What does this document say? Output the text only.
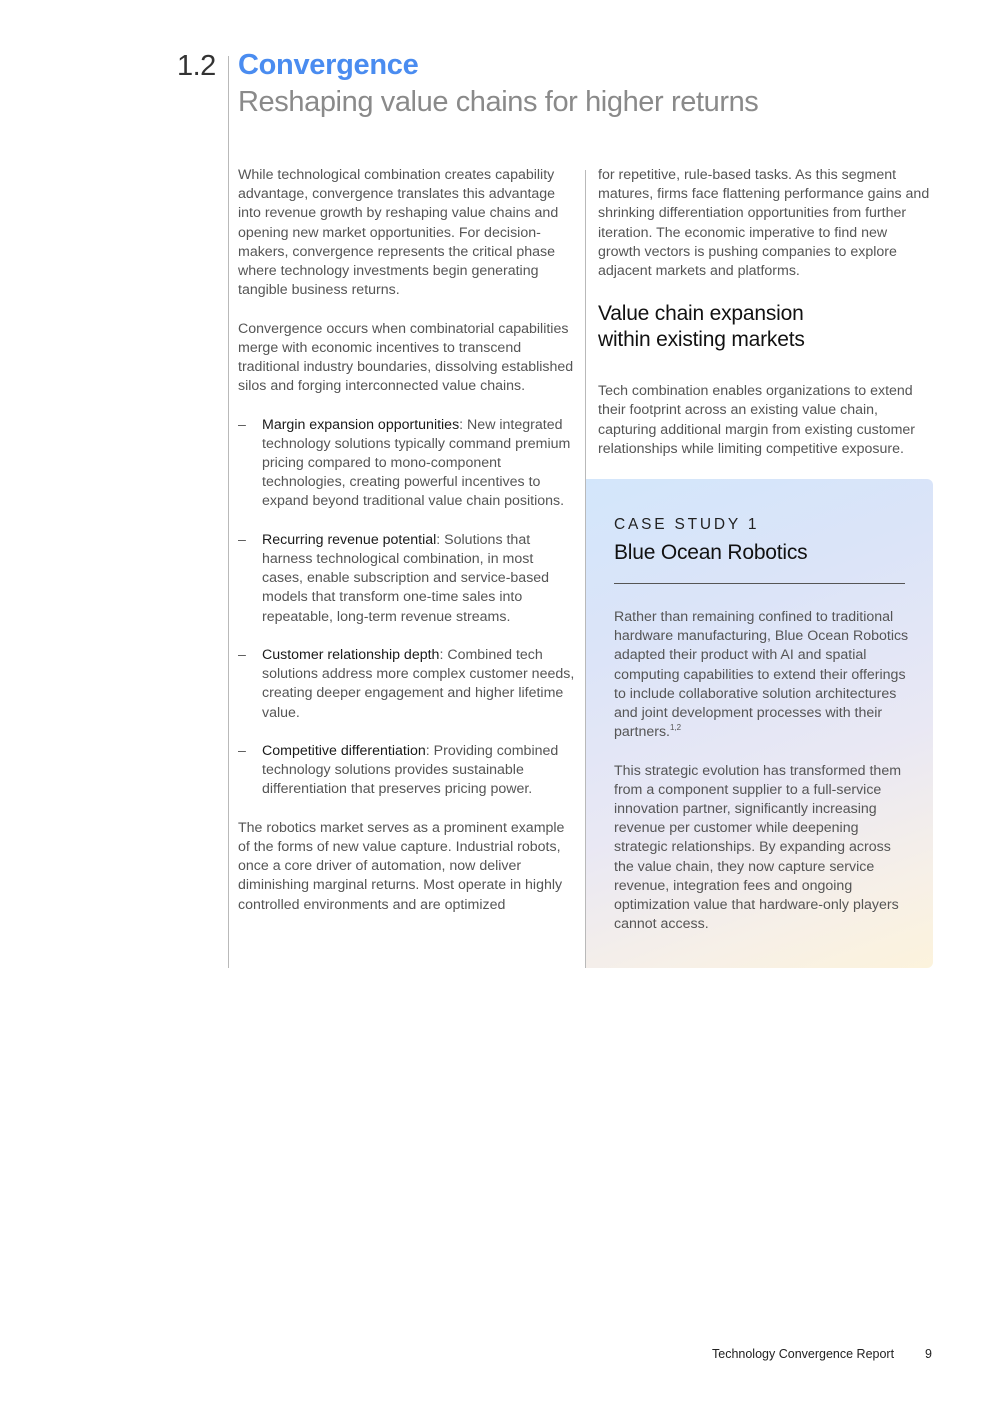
1.2 Convergence
Reshaping value chains for higher returns

While technological combination creates capability advantage, convergence translates this advantage into revenue growth by reshaping value chains and opening new market opportunities. For decision-makers, convergence represents the critical phase where technology investments begin generating tangible business returns.

Convergence occurs when combinatorial capabilities merge with economic incentives to transcend traditional industry boundaries, dissolving established silos and forging interconnected value chains.

– Margin expansion opportunities: New integrated technology solutions typically command premium pricing compared to mono-component technologies, creating powerful incentives to expand beyond traditional value chain positions.
– Recurring revenue potential: Solutions that harness technological combination, in most cases, enable subscription and service-based models that transform one-time sales into repeatable, long-term revenue streams.
– Customer relationship depth: Combined tech solutions address more complex customer needs, creating deeper engagement and higher lifetime value.
– Competitive differentiation: Providing combined technology solutions provides sustainable differentiation that preserves pricing power.

The robotics market serves as a prominent example of the forms of new value capture. Industrial robots, once a core driver of automation, now deliver diminishing marginal returns. Most operate in highly controlled environments and are optimized

for repetitive, rule-based tasks. As this segment matures, firms face flattening performance gains and shrinking differentiation opportunities from further iteration. The economic imperative to find new growth vectors is pushing companies to explore adjacent markets and platforms.

Value chain expansion
within existing markets

Tech combination enables organizations to extend their footprint across an existing value chain, capturing additional margin from existing customer relationships while limiting competitive exposure.

CASE STUDY 1
Blue Ocean Robotics

Rather than remaining confined to traditional hardware manufacturing, Blue Ocean Robotics adapted their product with AI and spatial computing capabilities to extend their offerings to include collaborative solution architectures and joint development processes with their partners.$^{1,2}$

This strategic evolution has transformed them from a component supplier to a full-service innovation partner, significantly increasing revenue per customer while deepening strategic relationships. By expanding across the value chain, they now capture service revenue, integration fees and ongoing optimization value that hardware-only players cannot access.

Technology Convergence Report 9
